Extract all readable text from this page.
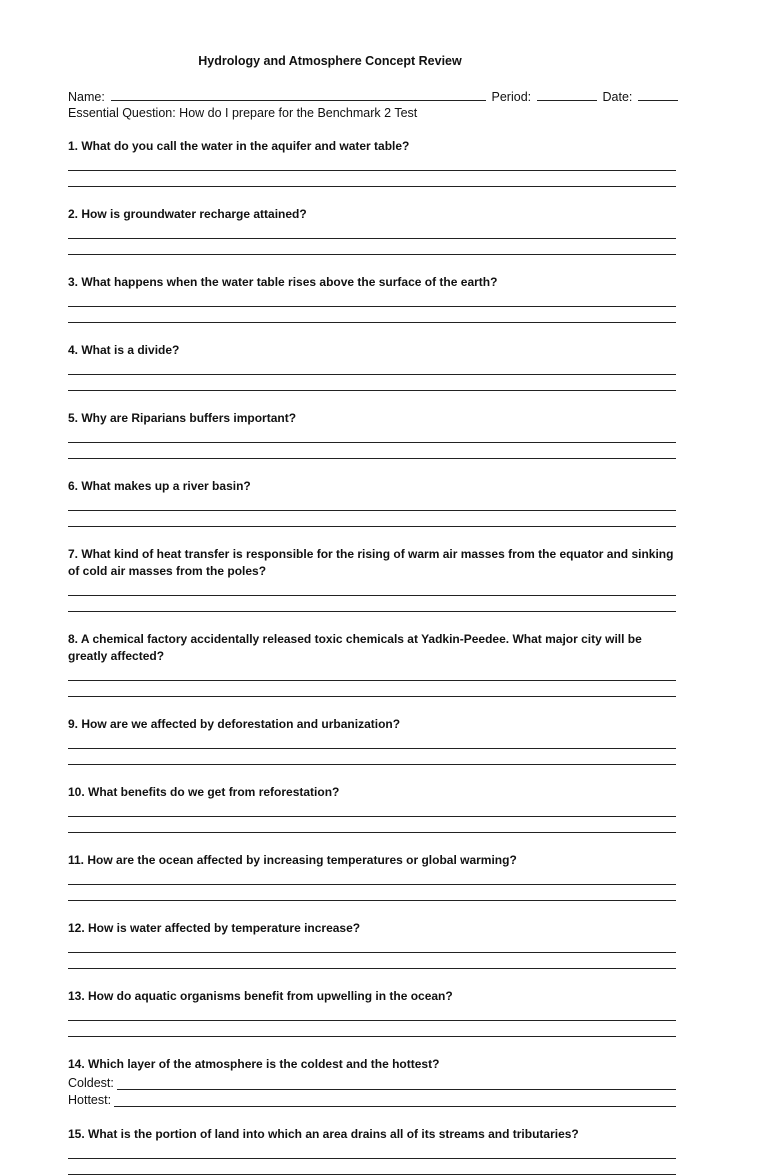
Hydrology and Atmosphere Concept Review
Name:	Period:	Date:
Essential Question: How do I prepare for the Benchmark 2 Test
1. What do you call the water in the aquifer and water table?
2. How is groundwater recharge attained?
3. What happens when the water table rises above the surface of the earth?
4. What is a divide?
5. Why are Riparians buffers important?
6. What makes up a river basin?
7. What kind of heat transfer is responsible for the rising of warm air masses from the equator and sinking of cold air masses from the poles?
8. A chemical factory accidentally released toxic chemicals at Yadkin-Peedee. What major city will be greatly affected?
9. How are we affected by deforestation and urbanization?
10. What benefits do we get from reforestation?
11. How are the ocean affected by increasing temperatures or global warming?
12. How is water affected by temperature increase?
13. How do aquatic organisms benefit from upwelling in the ocean?
14. Which layer of the atmosphere is the coldest and the hottest?
Coldest:
Hottest:
15. What is the portion of land into which an area drains all of its streams and tributaries?
